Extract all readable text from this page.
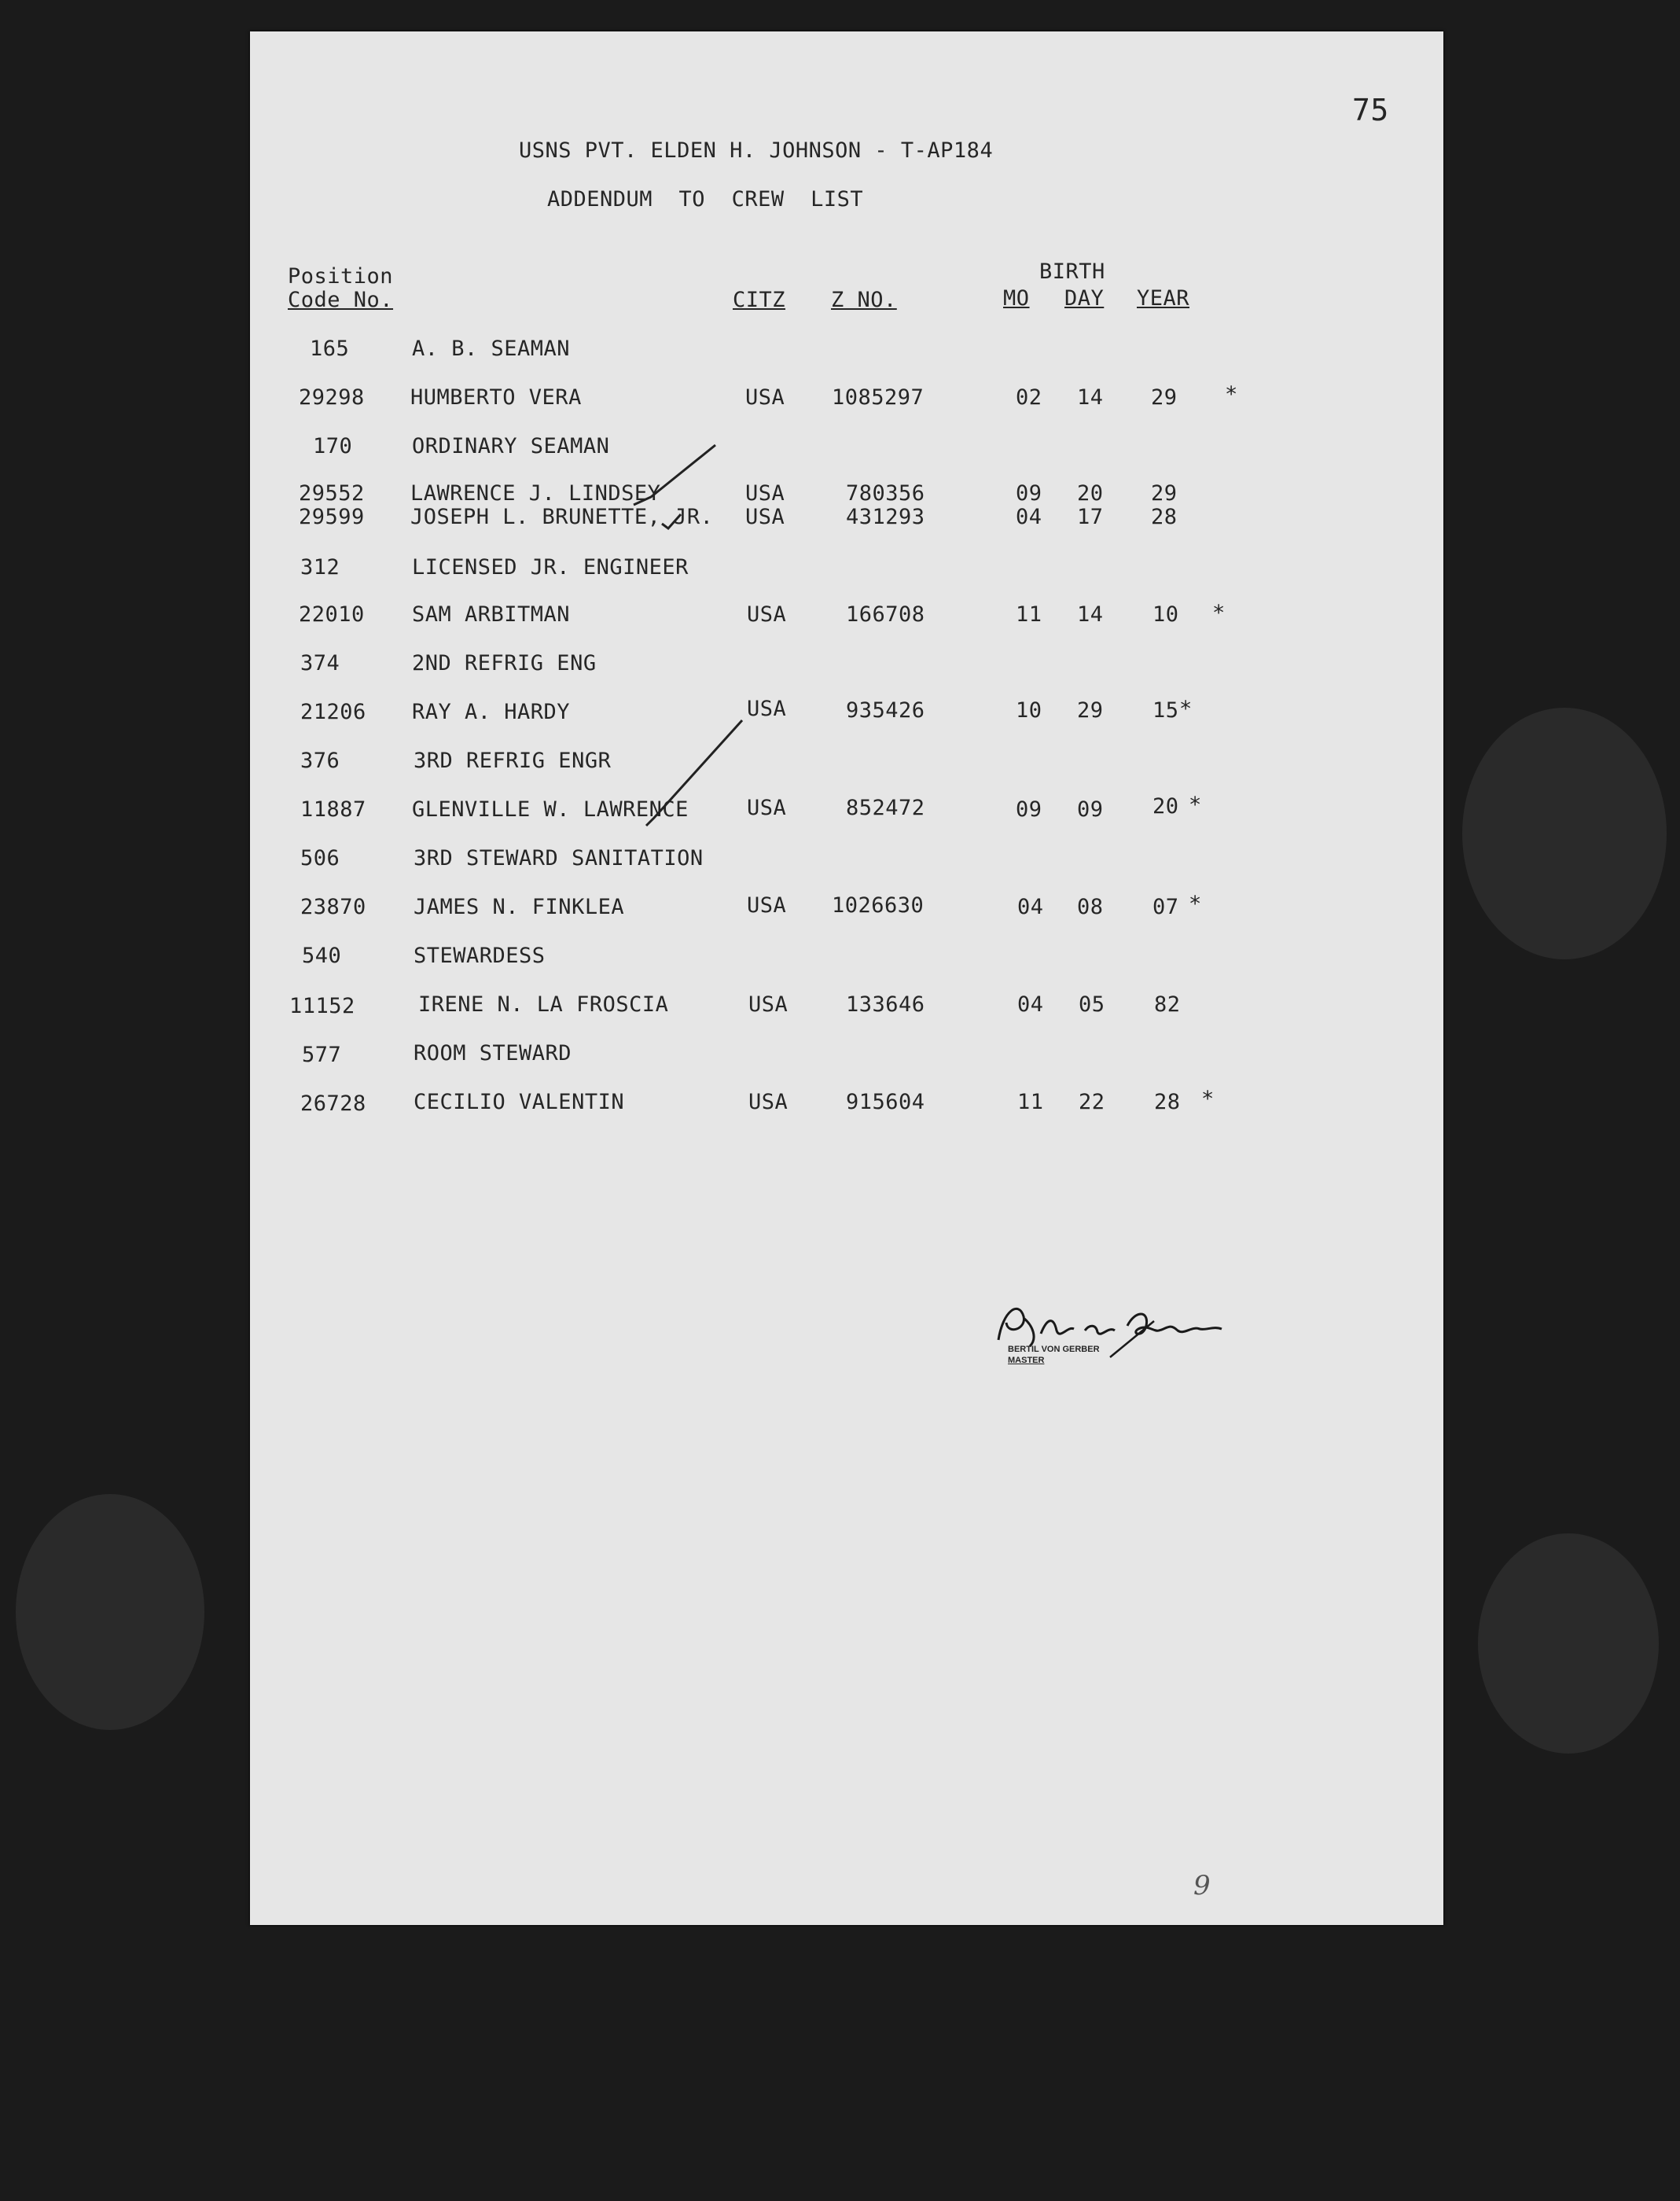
75
USNS PVT. ELDEN H. JOHNSON - T-AP184
ADDENDUM  TO  CREW  LIST
Position
Code No.	CITZ Z NO.
BIRTH
MO DAY YEAR
165	A. B. SEAMAN
29298 HUMBERTO VERA	USA 1085297	02 14 29 *
170	ORDINARY SEAMAN
29552 LAWRENCE J. LINDSEY	USA	780356	09 20 29
29599 JOSEPH L. BRUNETTE, JR. USA	431293	04 17 28
312	LICENSED JR. ENGINEER
22010 SAM ARBITMAN	USA	166708	11 14 10 *
374	2ND REFRIG ENG
21206 RAY A. HARDY	USA	935426	10 29 15 *
376	3RD REFRIG ENGR
11887 GLENVILLE W. LAWRENCE	USA	852472	09 09 20 *
506	3RD STEWARD SANITATION
23870 JAMES N. FINKLEA	USA 1026630	04 08 07 *
540	STEWARDESS
11152	IRENE N. LA FROSCIA	USA	133646	04 05 82
577	ROOM STEWARD
26728 CECILIO VALENTIN	USA	915604	11 22 28 *
BERTIL VON GERBER
MASTER
9
